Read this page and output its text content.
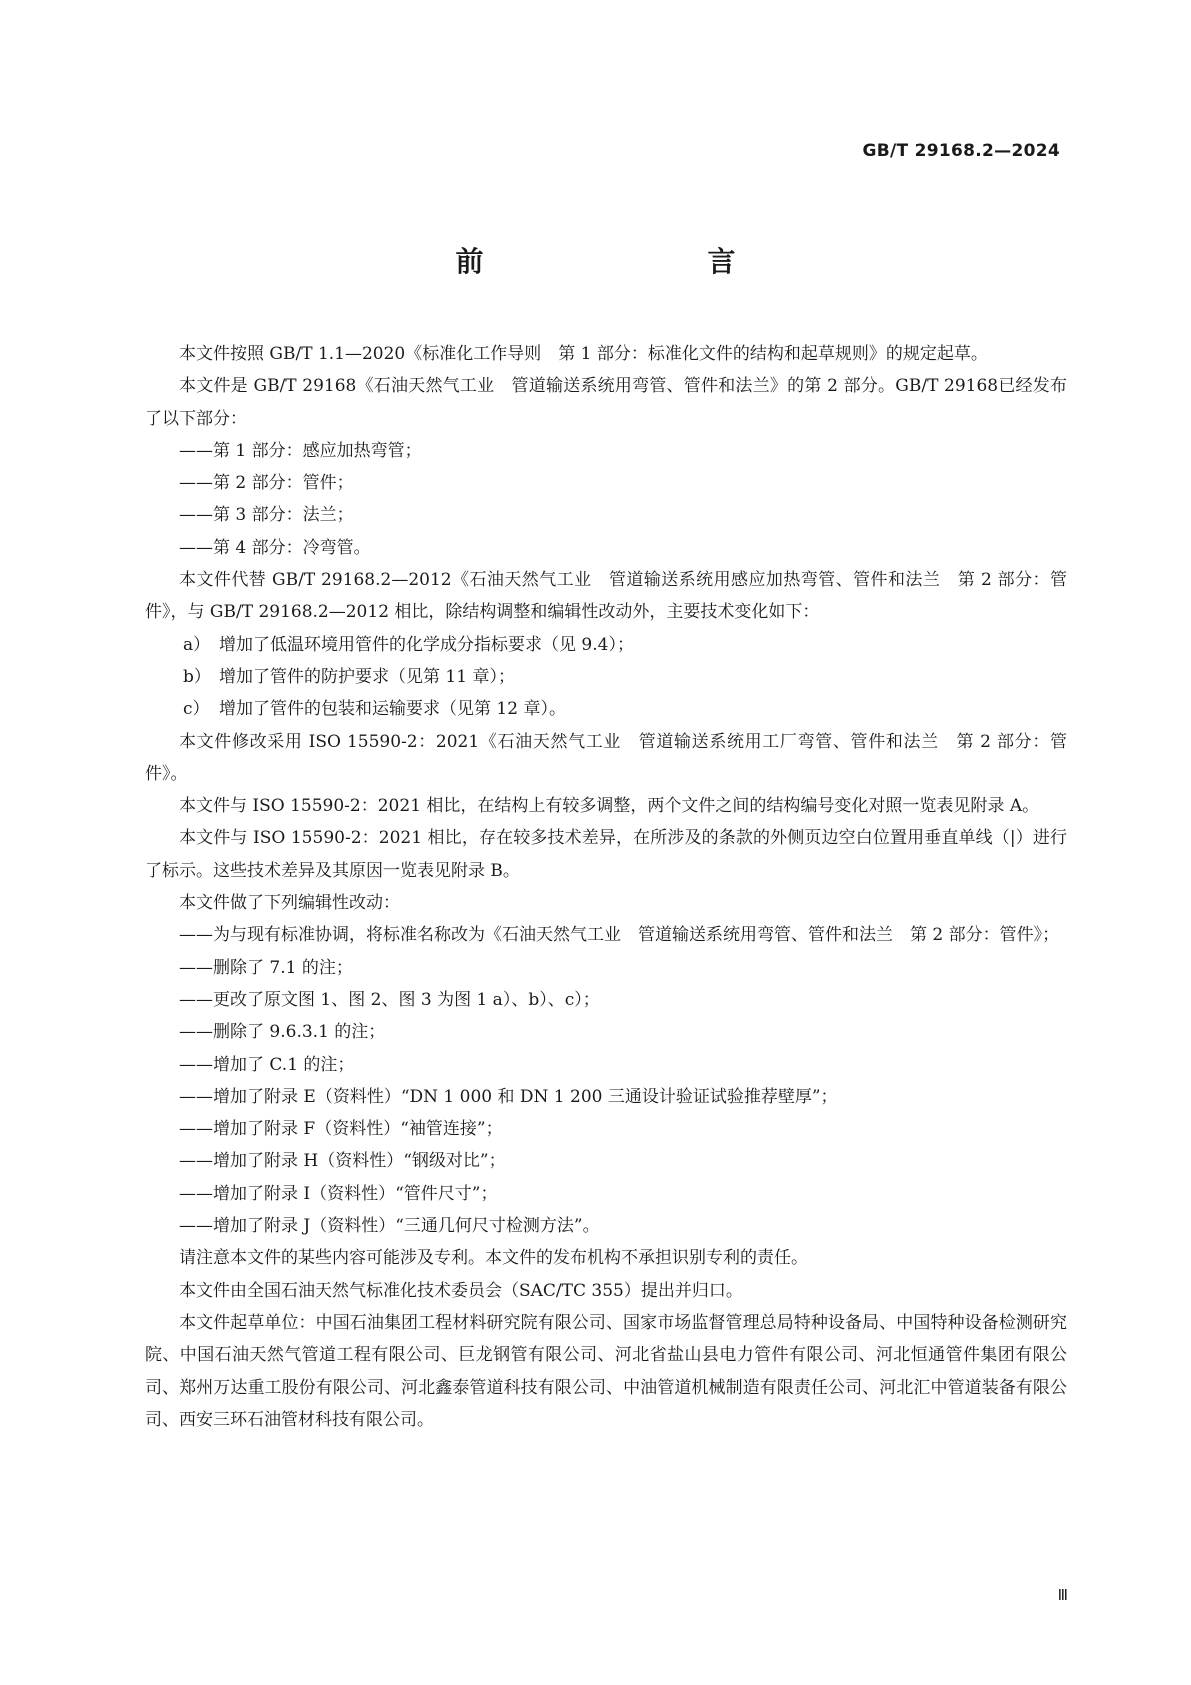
GB/T 29168.2—2024
前　　言

本文件按照 GB/T 1.1—2020《标准化工作导则　第 1 部分：标准化文件的结构和起草规则》的规定起草。

本文件是 GB/T 29168《石油天然气工业　管道输送系统用弯管、管件和法兰》的第 2 部分。GB/T 29168已经发布了以下部分：

——第 1 部分：感应加热弯管；

——第 2 部分：管件；

——第 3 部分：法兰；

——第 4 部分：冷弯管。

本文件代替 GB/T 29168.2—2012《石油天然气工业　管道输送系统用感应加热弯管、管件和法兰　第 2 部分：管件》，与 GB/T 29168.2—2012 相比，除结构调整和编辑性改动外，主要技术变化如下：

a） 增加了低温环境用管件的化学成分指标要求（见 9.4）；

b） 增加了管件的防护要求（见第 11 章）；

c） 增加了管件的包装和运输要求（见第 12 章）。

本文件修改采用 ISO 15590-2：2021《石油天然气工业　管道输送系统用工厂弯管、管件和法兰　第 2 部分：管件》。

本文件与 ISO 15590-2：2021 相比，在结构上有较多调整，两个文件之间的结构编号变化对照一览表见附录 A。

本文件与 ISO 15590-2：2021 相比，存在较多技术差异，在所涉及的条款的外侧页边空白位置用垂直单线（|）进行了标示。这些技术差异及其原因一览表见附录 B。

本文件做了下列编辑性改动：

——为与现有标准协调，将标准名称改为《石油天然气工业　管道输送系统用弯管、管件和法兰　第 2 部分：管件》；

——删除了 7.1 的注；

——更改了原文图 1、图 2、图 3 为图 1 a）、b）、c）；

——删除了 9.6.3.1 的注；

——增加了 C.1 的注；

——增加了附录 E（资料性）“DN 1 000 和 DN 1 200 三通设计验证试验推荐壁厚”；

——增加了附录 F（资料性）“袖管连接”；

——增加了附录 H（资料性）“钢级对比”；

——增加了附录 I（资料性）“管件尺寸”；

——增加了附录 J（资料性）“三通几何尺寸检测方法”。

请注意本文件的某些内容可能涉及专利。本文件的发布机构不承担识别专利的责任。

本文件由全国石油天然气标准化技术委员会（SAC/TC 355）提出并归口。

本文件起草单位：中国石油集团工程材料研究院有限公司、国家市场监督管理总局特种设备局、中国特种设备检测研究院、中国石油天然气管道工程有限公司、巨龙钢管有限公司、河北省盐山县电力管件有限公司、河北恒通管件集团有限公司、郑州万达重工股份有限公司、河北鑫泰管道科技有限公司、中油管道机械制造有限责任公司、河北汇中管道装备有限公司、西安三环石油管材科技有限公司。

Ⅲ
